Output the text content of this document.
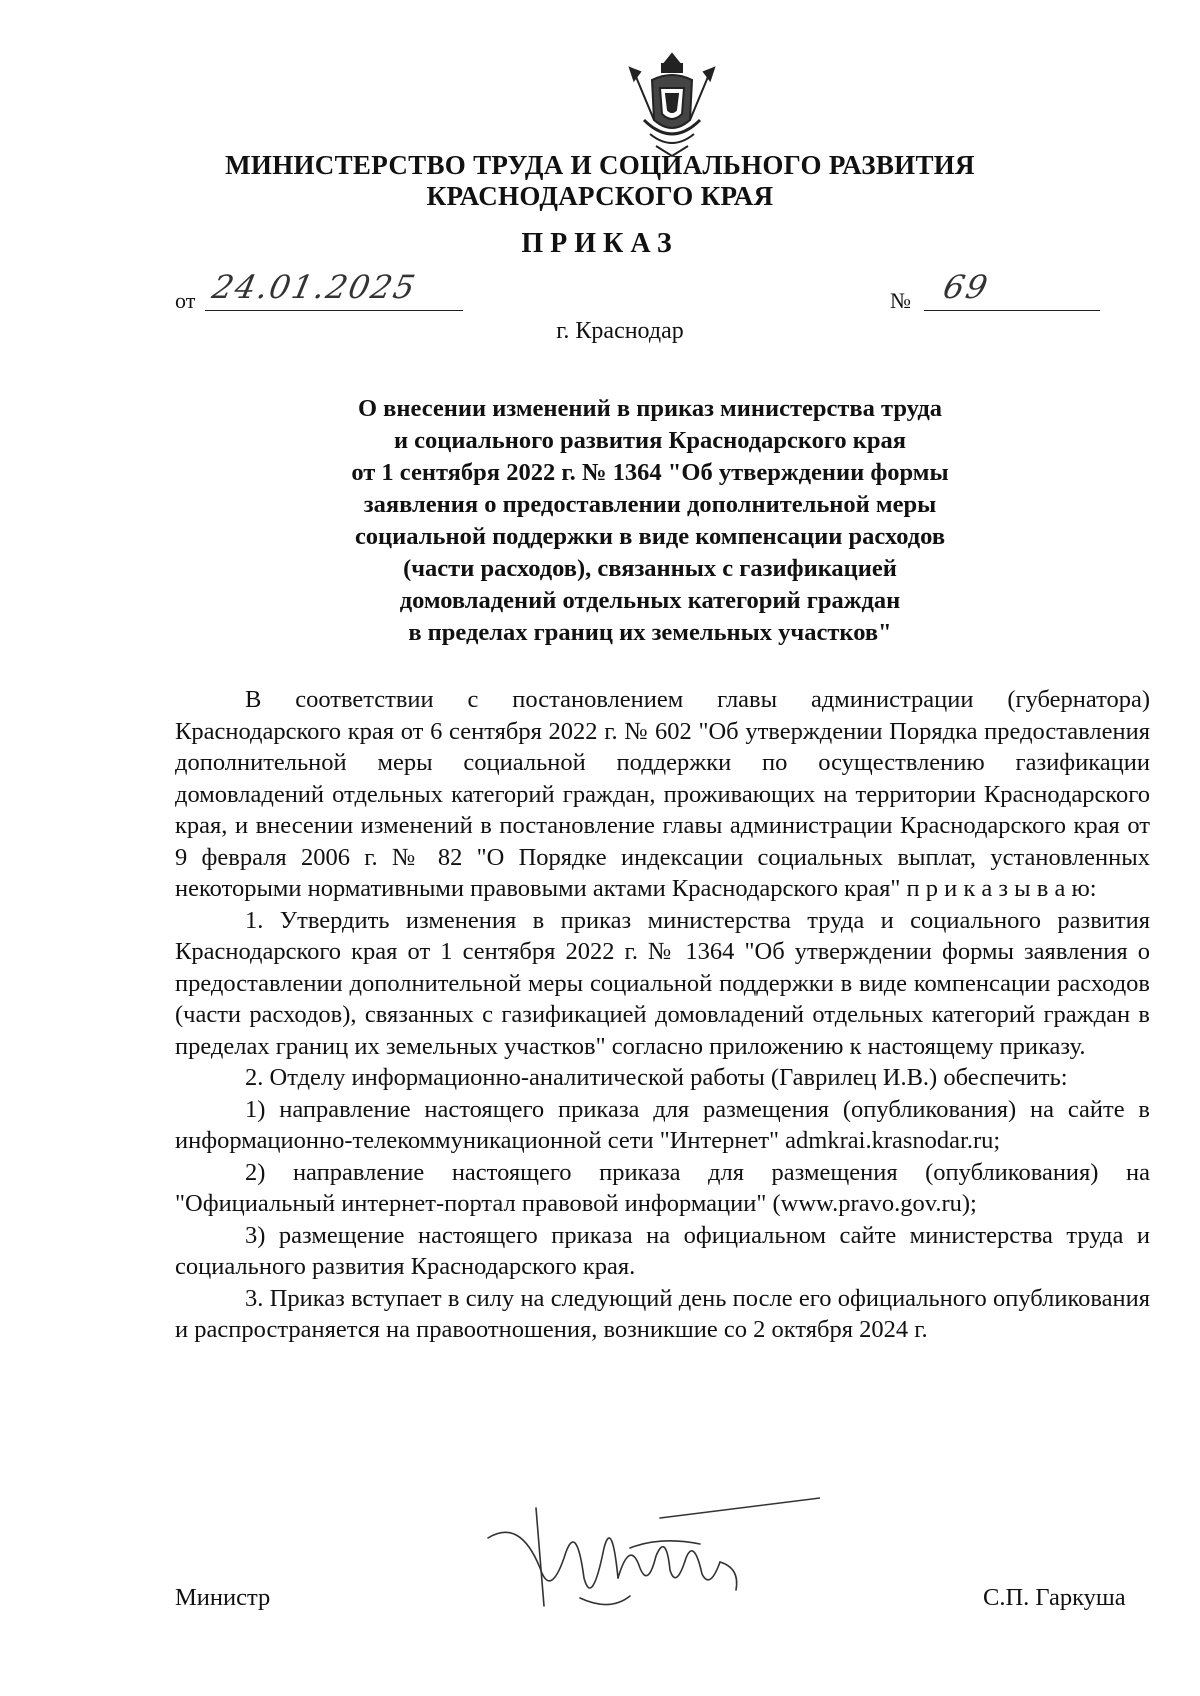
МИНИСТЕРСТВО ТРУДА И СОЦИАЛЬНОГО РАЗВИТИЯ
КРАСНОДАРСКОГО КРАЯ
ПРИКАЗ
от 24.01.2025	№ 69
г. Краснодар
О внесении изменений в приказ министерства труда
и социального развития Краснодарского края
от 1 сентября 2022 г. № 1364 "Об утверждении формы
заявления о предоставлении дополнительной меры
социальной поддержки в виде компенсации расходов
(части расходов), связанных с газификацией
домовладений отдельных категорий граждан
в пределах границ их земельных участков"

В соответствии с постановлением главы администрации (губернатора) Краснодарского края от 6 сентября 2022 г. № 602 "Об утверждении Порядка предоставления дополнительной меры социальной поддержки по осуществлению газификации домовладений отдельных категорий граждан, проживающих на территории Краснодарского края, и внесении изменений в постановление главы администрации Краснодарского края от 9 февраля 2006 г. № 82 "О Порядке индексации социальных выплат, установленных некоторыми нормативными правовыми актами Краснодарского края" п р и к а з ы в а ю:

1. Утвердить изменения в приказ министерства труда и социального развития Краснодарского края от 1 сентября 2022 г. № 1364 "Об утверждении формы заявления о предоставлении дополнительной меры социальной поддержки в виде компенсации расходов (части расходов), связанных с газификацией домовладений отдельных категорий граждан в пределах границ их земельных участков" согласно приложению к настоящему приказу.

2. Отделу информационно-аналитической работы (Гаврилец И.В.) обеспечить:

1) направление настоящего приказа для размещения (опубликования) на сайте в информационно-телекоммуникационной сети "Интернет" admkrai.krasnodar.ru;

2) направление настоящего приказа для размещения (опубликования) на "Официальный интернет-портал правовой информации" (www.pravo.gov.ru);

3) размещение настоящего приказа на официальном сайте министерства труда и социального развития Краснодарского края.

3. Приказ вступает в силу на следующий день после его официального опубликования и распространяется на правоотношения, возникшие со 2 октября 2024 г.

Министр	С.П. Гаркуша
